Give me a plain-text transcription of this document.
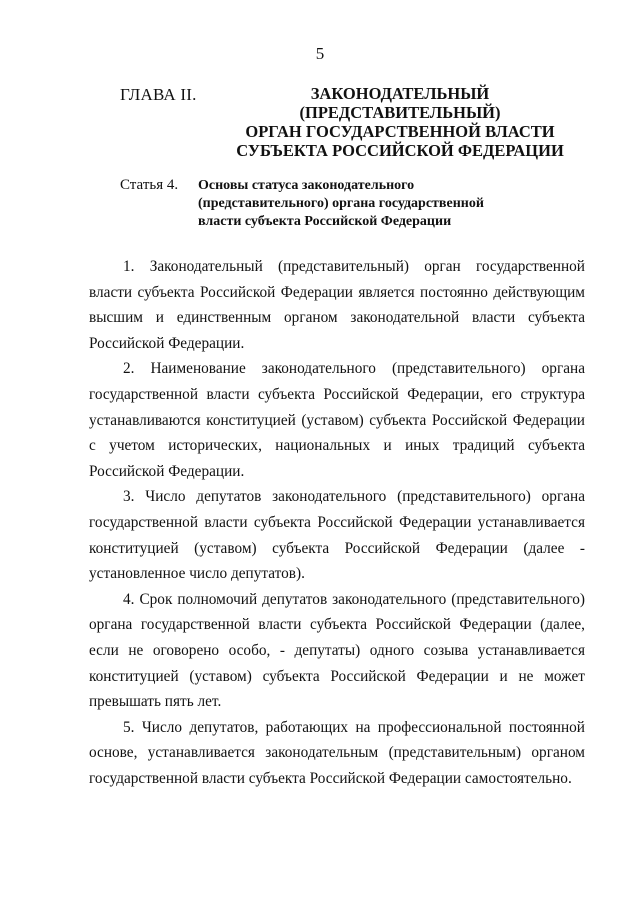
5
ГЛАВА II.	ЗАКОНОДАТЕЛЬНЫЙ (ПРЕДСТАВИТЕЛЬНЫЙ)
ОРГАН ГОСУДАРСТВЕННОЙ ВЛАСТИ
СУБЪЕКТА РОССИЙСКОЙ ФЕДЕРАЦИИ
Статья 4.	Основы статуса законодательного
(представительного) органа государственной
власти субъекта Российской Федерации

1. Законодательный (представительный) орган государственной власти субъекта Российской Федерации является постоянно действующим высшим и единственным органом законодательной власти субъекта Российской Федерации.

2. Наименование законодательного (представительного) органа государственной власти субъекта Российской Федерации, его структура устанавливаются конституцией (уставом) субъекта Российской Федерации с учетом исторических, национальных и иных традиций субъекта Российской Федерации.

3. Число депутатов законодательного (представительного) органа государственной власти субъекта Российской Федерации устанавливается конституцией (уставом) субъекта Российской Федерации (далее - установленное число депутатов).

4. Срок полномочий депутатов законодательного (представительного) органа государственной власти субъекта Российской Федерации (далее, если не оговорено особо, - депутаты) одного созыва устанавливается конституцией (уставом) субъекта Российской Федерации и не может превышать пять лет.

5. Число депутатов, работающих на профессиональной постоянной основе, устанавливается законодательным (представительным) органом государственной власти субъекта Российской Федерации самостоятельно.
